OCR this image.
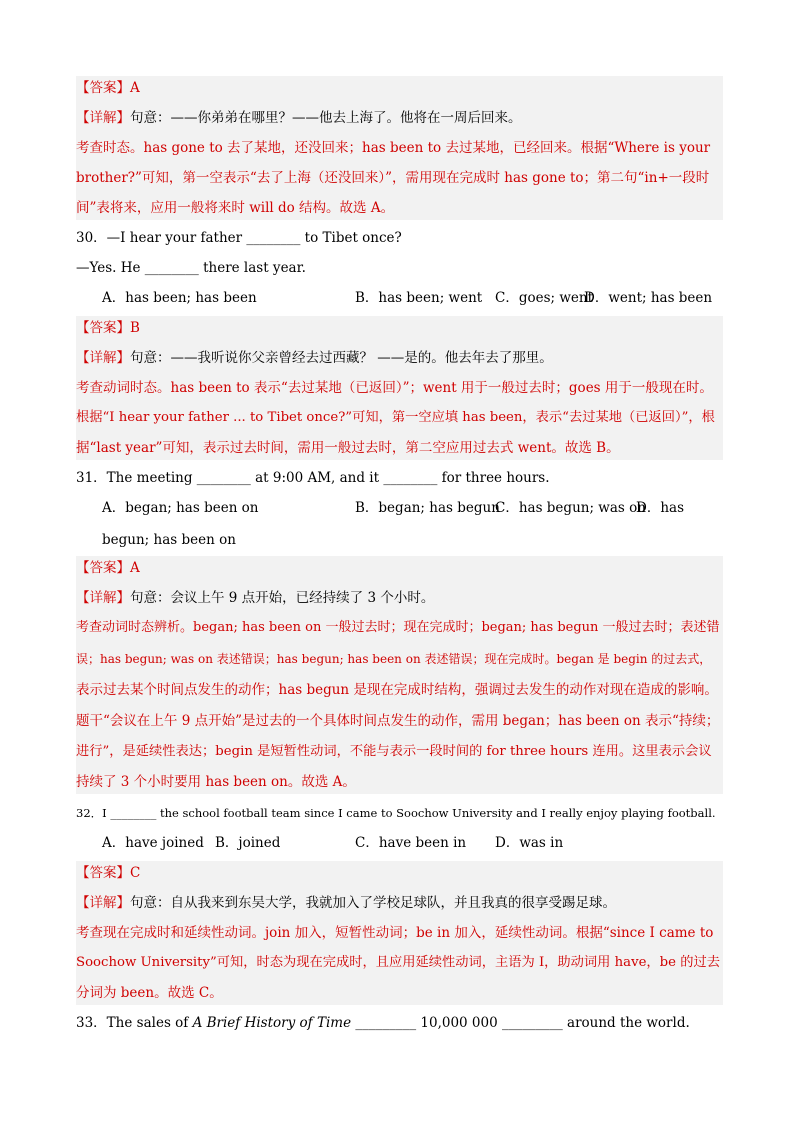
【答案】A
【详解】句意：——你弟弟在哪里？——他去上海了。他将在一周后回来。
考查时态。has gone to 去了某地，还没回来；has been to 去过某地，已经回来。根据“Where is your
brother?”可知，第一空表示“去了上海（还没回来）”，需用现在完成时 has gone to；第二句“in+一段时
间”表将来，应用一般将来时 will do 结构。故选 A。
30．—I hear your father ________ to Tibet once?
—Yes. He ________ there last year.
A．has been; has been	B．has been; went C．goes; went
D．went; has been
【答案】B
【详解】句意：——我听说你父亲曾经去过西藏？ ——是的。他去年去了那里。
考查动词时态。has been to 表示“去过某地（已返回）”；went 用于一般过去时；goes 用于一般现在时。
根据“I hear your father ... to Tibet once?”可知，第一空应填 has been，表示“去过某地（已返回）”，根
据“last year”可知，表示过去时间，需用一般过去时，第二空应用过去式 went。故选 B。
31．The meeting ________ at 9:00 AM, and it ________ for three hours.
A．began; has been on	B．began; has begun
C．has begun; was on
D．has
begun; has been on
【答案】A
【详解】句意：会议上午 9 点开始，已经持续了 3 个小时。
考查动词时态辨析。began; has been on 一般过去时；现在完成时；began; has begun 一般过去时；表述错
误；has begun; was on 表述错误；has begun; has been on 表述错误；现在完成时。began 是 begin 的过去式，
表示过去某个时间点发生的动作；has begun 是现在完成时结构，强调过去发生的动作对现在造成的影响。
题干“会议在上午 9 点开始”是过去的一个具体时间点发生的动作，需用 began；has been on 表示“持续；
进行”，是延续性表达；begin 是短暂性动词，不能与表示一段时间的 for three hours 连用。这里表示会议
持续了 3 个小时要用 has been on。故选 A。
32．I ________ the school football team since I came to Soochow University and I really enjoy playing football.
A．have joined B．joined	C．have been in D．was in
【答案】C
【详解】句意：自从我来到东吴大学，我就加入了学校足球队，并且我真的很享受踢足球。
考查现在完成时和延续性动词。join 加入，短暂性动词；be in 加入，延续性动词。根据“since I came to
Soochow University”可知，时态为现在完成时，且应用延续性动词，主语为 I，助动词用 have，be 的过去
分词为 been。故选 C。
33．The sales of A Brief History of Time _________ 10,000 000 _________ around the world.
